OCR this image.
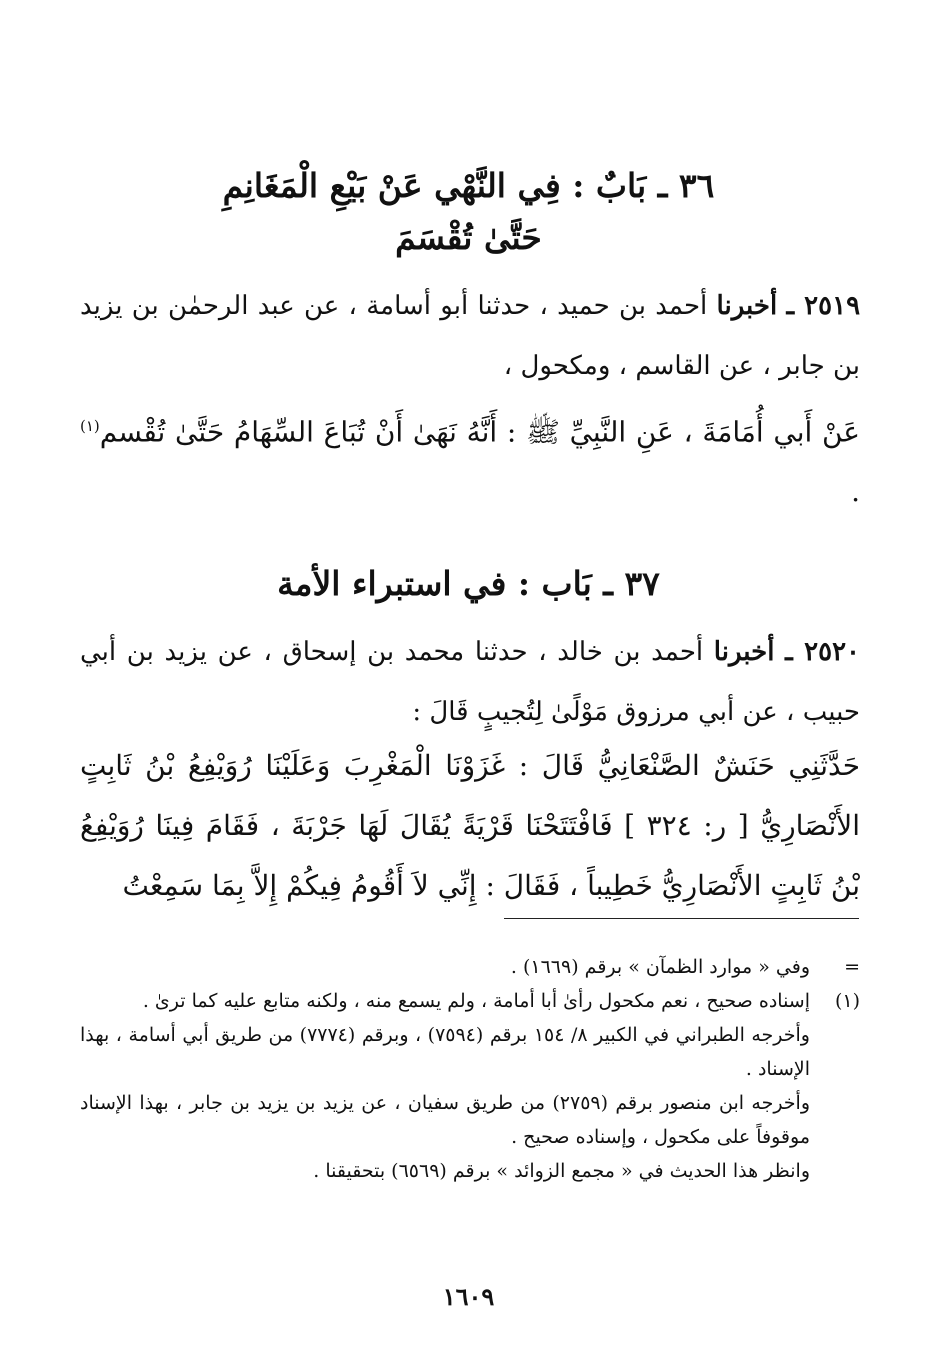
٣٦ ـ بَابٌ : فِي النَّهْي عَنْ بَيْعِ الْمَغَانِمِ
حَتَّىٰ تُقْسَمَ
٢٥١٩ ـ أخبرنا أحمد بن حميد ، حدثنا أبو أسامة ، عن عبد الرحمٰن بن يزيد بن جابر ، عن القاسم ، ومكحول ،
عَنْ أَبي أُمَامَةَ ، عَنِ النَّبِيِّ ﷺ : أَنَّهُ نَهَىٰ أَنْ تُبَاعَ السِّهَامُ حَتَّىٰ تُقْسم$^{(١)}$ .
٣٧ ـ بَاب : في استبراء الأمة
٢٥٢٠ ـ أخبرنا أحمد بن خالد ، حدثنا محمد بن إسحاق ، عن يزيد بن أبي حبيب ، عن أبي مرزوق مَوْلًىٰ لِتُجيبٍ قَالَ :
حَدَّثَنِي حَنَشٌ الصَّنْعَانِيُّ قَالَ : غَزَوْنَا الْمَغْرِبَ وَعَلَيْنَا رُوَيْفِعُ بْنُ ثَابِتٍ الأَنْصَارِيُّ [ ر: ٣٢٤ ] فَافْتَتَحْنَا قَرْيَةً يُقَالَ لَهَا جَرْبَةَ ، فَقَامَ فِينَا رُوَيْفِعُ بْنُ ثَابِتٍ الأَنْصَارِيُّ خَطِيباً ، فَقَالَ : إِنِّي لاَ أَقُومُ فِيكُمْ إِلاَّ بِمَا سَمِعْتُ
=
وفي « موارد الظمآن » برقم (١٦٦٩) .
(١)
إسناده صحيح ، نعم مكحول رأىٰ أبا أمامة ، ولم يسمع منه ، ولكنه متابع عليه كما ترىٰ .
وأخرجه الطبراني في الكبير ٨/ ١٥٤ برقم (٧٥٩٤) ، وبرقم (٧٧٧٤) من طريق أبي أسامة ، بهذا الإسناد .
وأخرجه ابن منصور برقم (٢٧٥٩) من طريق سفيان ، عن يزيد بن يزيد بن جابر ، بهذا الإسناد موقوفاً على مكحول ، وإسناده صحيح .
وانظر هذا الحديث في « مجمع الزوائد » برقم (٦٥٦٩) بتحقيقنا .
١٦٠٩
